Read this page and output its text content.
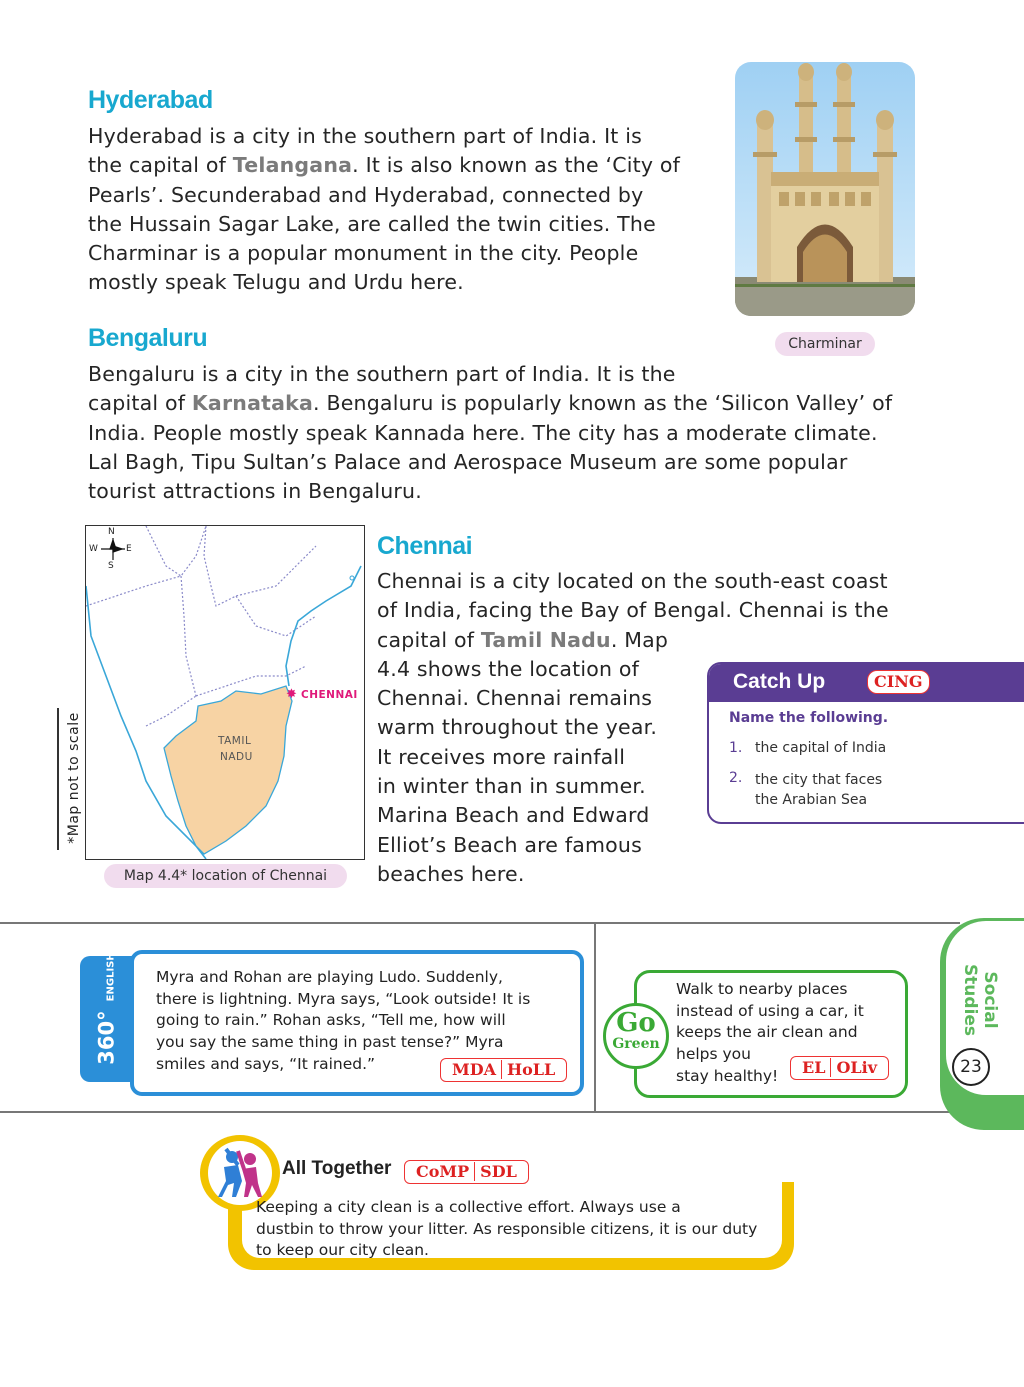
Hyderabad
Hyderabad is a city in the southern part of India. It is
the capital of Telangana. It is also known as the ‘City of
Pearls’. Secunderabad and Hyderabad, connected by
the Hussain Sagar Lake, are called the twin cities. The
Charminar is a popular monument in the city. People
mostly speak Telugu and Urdu here.
Charminar
Bengaluru
Bengaluru is a city in the southern part of India. It is the
capital of Karnataka. Bengaluru is popularly known as the ‘Silicon Valley’ of
India. People mostly speak Kannada here. The city has a moderate climate.
Lal Bagh, Tipu Sultan’s Palace and Aerospace Museum are some popular
tourist attractions in Bengaluru.
N
S
E
W
✸ CHENNAI
TAMIL
NADU
*Map not to scale
Map 4.4* location of Chennai
Chennai
Chennai is a city located on the south-east coast
of India, facing the Bay of Bengal. Chennai is the
capital of Tamil Nadu. Map
4.4 shows the location of
Chennai. Chennai remains
warm throughout the year.
It receives more rainfall
in winter than in summer.
Marina Beach and Edward
Elliot’s Beach are famous
beaches here.
Catch Up	CING
Name the following.
1. the capital of India
2. the city that faces
the Arabian Sea
360° ENGLISH	Myra and Rohan are playing Ludo. Suddenly,
there is lightning. Myra says, “Look outside! It is
going to rain.” Rohan asks, “Tell me, how will
you say the same thing in past tense?” Myra
smiles and says, “It rained.”	MDA HoLL
Go
Green
Walk to nearby places
instead of using a car, it
keeps the air clean and
helps you
stay healthy!	EL OLiv
Social
Studies
23
All Together	CoMP SDL
Keeping a city clean is a collective effort. Always use a
dustbin to throw your litter. As responsible citizens, it is our duty
to keep our city clean.
